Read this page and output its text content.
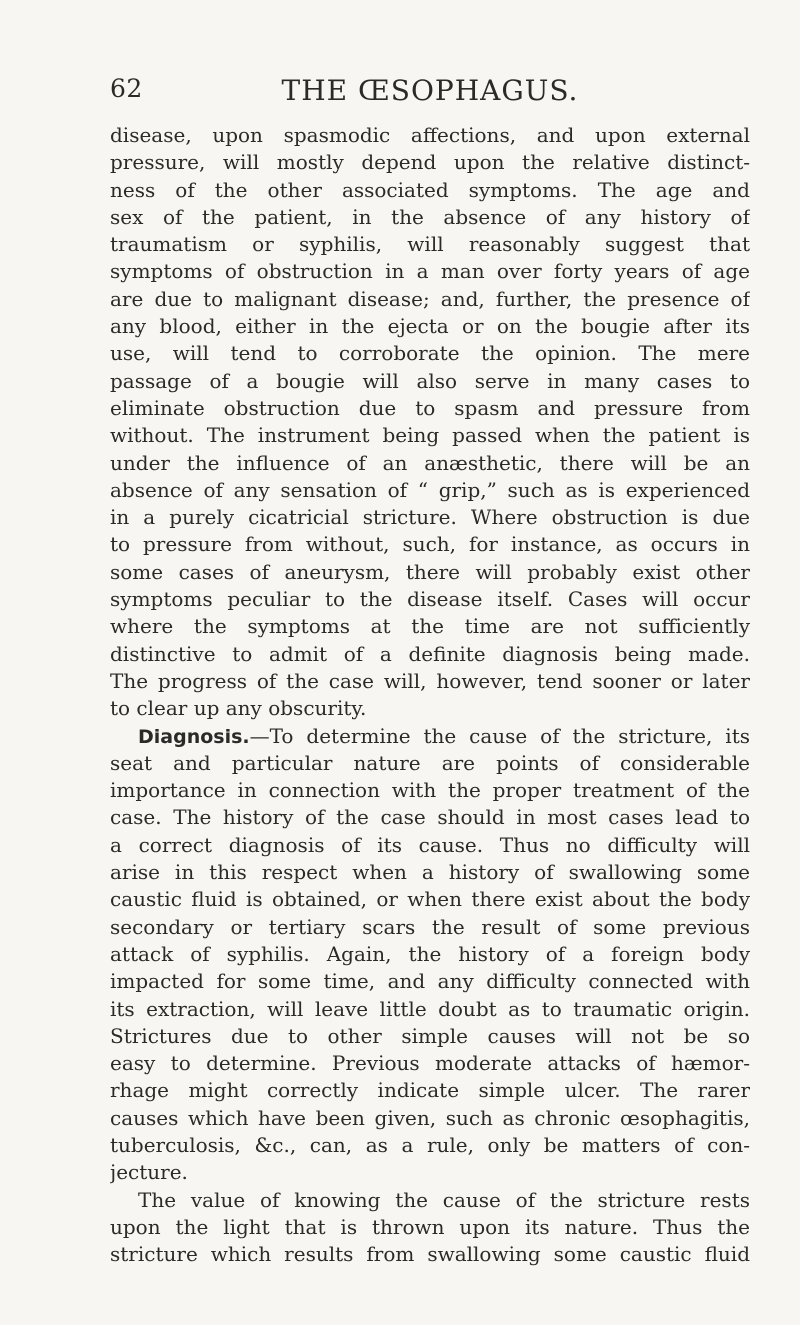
62	THE ŒSOPHAGUS.
disease, upon spasmodic affections, and upon external
pressure, will mostly depend upon the relative distinct-
ness of the other associated symptoms. The age and
sex of the patient, in the absence of any history of
traumatism or syphilis, will reasonably suggest that
symptoms of obstruction in a man over forty years of age
are due to malignant disease; and, further, the presence of
any blood, either in the ejecta or on the bougie after its
use, will tend to corroborate the opinion. The mere
passage of a bougie will also serve in many cases to
eliminate obstruction due to spasm and pressure from
without. The instrument being passed when the patient is
under the influence of an anæsthetic, there will be an
absence of any sensation of “ grip,” such as is experienced
in a purely cicatricial stricture. Where obstruction is due
to pressure from without, such, for instance, as occurs in
some cases of aneurysm, there will probably exist other
symptoms peculiar to the disease itself. Cases will occur
where the symptoms at the time are not sufficiently
distinctive to admit of a definite diagnosis being made.
The progress of the case will, however, tend sooner or later
to clear up any obscurity.
Diagnosis.—To determine the cause of the stricture, its
seat and particular nature are points of considerable
importance in connection with the proper treatment of the
case. The history of the case should in most cases lead to
a correct diagnosis of its cause. Thus no difficulty will
arise in this respect when a history of swallowing some
caustic fluid is obtained, or when there exist about the body
secondary or tertiary scars the result of some previous
attack of syphilis. Again, the history of a foreign body
impacted for some time, and any difficulty connected with
its extraction, will leave little doubt as to traumatic origin.
Strictures due to other simple causes will not be so
easy to determine. Previous moderate attacks of hæmor-
rhage might correctly indicate simple ulcer. The rarer
causes which have been given, such as chronic œsophagitis,
tuberculosis, &c., can, as a rule, only be matters of con-
jecture.
The value of knowing the cause of the stricture rests
upon the light that is thrown upon its nature. Thus the
stricture which results from swallowing some caustic fluid
